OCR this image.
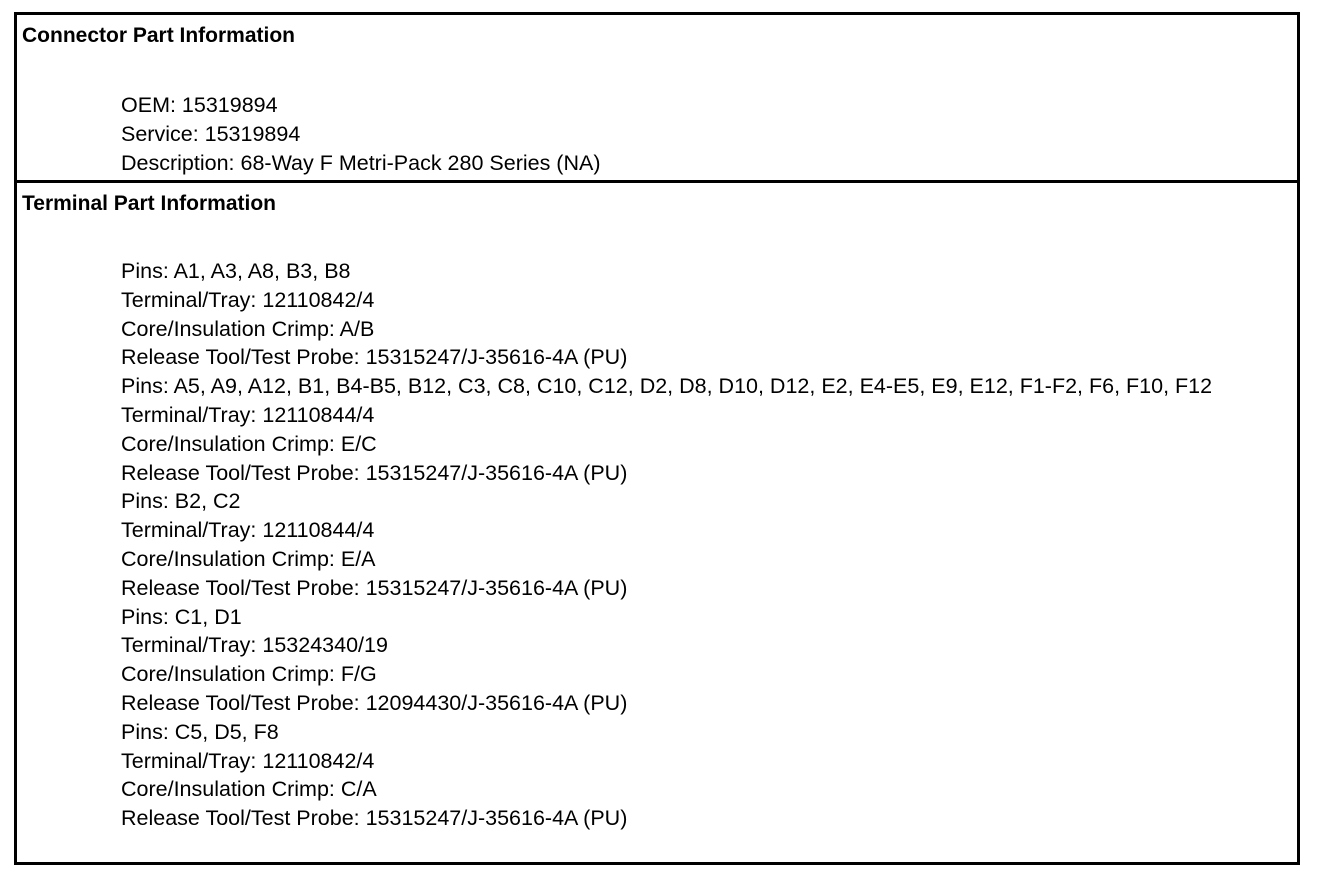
Connector Part Information
OEM: 15319894
Service: 15319894
Description: 68-Way F Metri-Pack 280 Series (NA)
Terminal Part Information
Pins: A1, A3, A8, B3, B8
Terminal/Tray: 12110842/4
Core/Insulation Crimp: A/B
Release Tool/Test Probe: 15315247/J-35616-4A (PU)
Pins: A5, A9, A12, B1, B4-B5, B12, C3, C8, C10, C12, D2, D8, D10, D12, E2, E4-E5, E9, E12, F1-F2, F6, F10, F12
Terminal/Tray: 12110844/4
Core/Insulation Crimp: E/C
Release Tool/Test Probe: 15315247/J-35616-4A (PU)
Pins: B2, C2
Terminal/Tray: 12110844/4
Core/Insulation Crimp: E/A
Release Tool/Test Probe: 15315247/J-35616-4A (PU)
Pins: C1, D1
Terminal/Tray: 15324340/19
Core/Insulation Crimp: F/G
Release Tool/Test Probe: 12094430/J-35616-4A (PU)
Pins: C5, D5, F8
Terminal/Tray: 12110842/4
Core/Insulation Crimp: C/A
Release Tool/Test Probe: 15315247/J-35616-4A (PU)
